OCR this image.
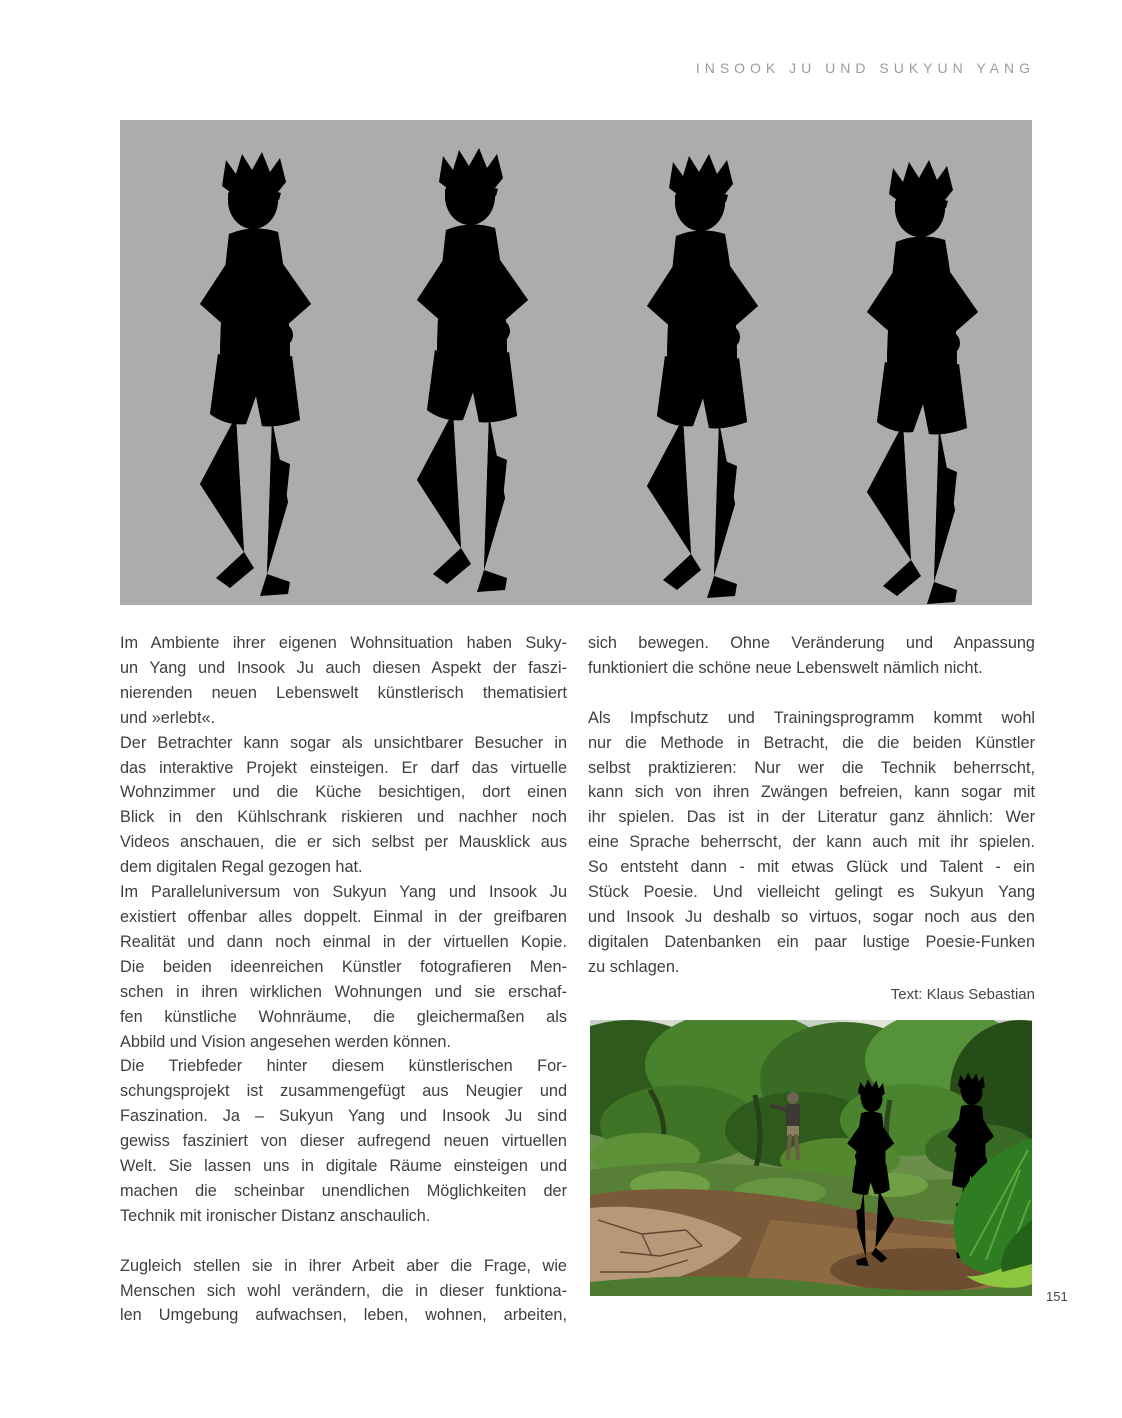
INSOOK JU UND SUKYUN YANG
Im Ambiente ihrer eigenen Wohnsituation haben Suky-
un Yang und Insook Ju auch diesen Aspekt der faszi-
nierenden neuen Lebenswelt künstlerisch thematisiert
und »erlebt«.
Der Betrachter kann sogar als unsichtbarer Besucher in
das interaktive Projekt einsteigen. Er darf das virtuelle
Wohnzimmer und die Küche besichtigen, dort einen
Blick in den Kühlschrank riskieren und nachher noch
Videos anschauen, die er sich selbst per Mausklick aus
dem digitalen Regal gezogen hat.
Im Paralleluniversum von Sukyun Yang und Insook Ju
existiert offenbar alles doppelt. Einmal in der greifbaren
Realität und dann noch einmal in der virtuellen Kopie.
Die beiden ideenreichen Künstler fotografieren Men-
schen in ihren wirklichen Wohnungen und sie erschaf-
fen künstliche Wohnräume, die gleichermaßen als
Abbild und Vision angesehen werden können.
Die Triebfeder hinter diesem künstlerischen For-
schungsprojekt ist zusammengefügt aus Neugier und
Faszination. Ja – Sukyun Yang und Insook Ju sind
gewiss fasziniert von dieser aufregend neuen virtuellen
Welt. Sie lassen uns in digitale Räume einsteigen und
machen die scheinbar unendlichen Möglichkeiten der
Technik mit ironischer Distanz anschaulich.
Zugleich stellen sie in ihrer Arbeit aber die Frage, wie
Menschen sich wohl verändern, die in dieser funktiona-
len Umgebung aufwachsen, leben, wohnen, arbeiten,
sich bewegen. Ohne Veränderung und Anpassung
funktioniert die schöne neue Lebenswelt nämlich nicht.
Als Impfschutz und Trainingsprogramm kommt wohl
nur die Methode in Betracht, die die beiden Künstler
selbst praktizieren: Nur wer die Technik beherrscht,
kann sich von ihren Zwängen befreien, kann sogar mit
ihr spielen. Das ist in der Literatur ganz ähnlich: Wer
eine Sprache beherrscht, der kann auch mit ihr spielen.
So entsteht dann - mit etwas Glück und Talent - ein
Stück Poesie. Und vielleicht gelingt es Sukyun Yang
und Insook Ju deshalb so virtuos, sogar noch aus den
digitalen Datenbanken ein paar lustige Poesie-Funken
zu schlagen.
Text: Klaus Sebastian
151
